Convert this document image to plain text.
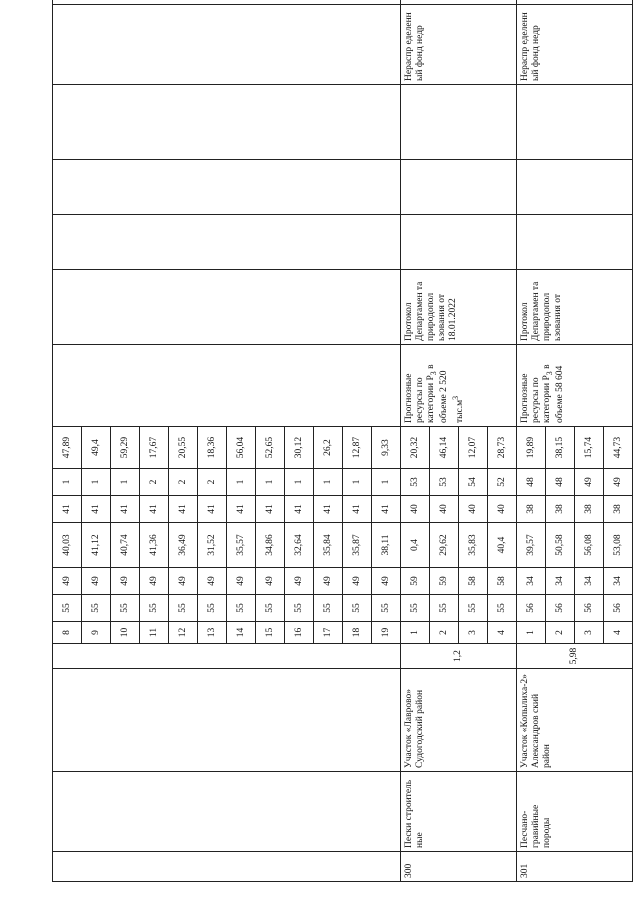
				8	55	49	40,03	41	1	47,89							
				9	55	49	41,12	41	1	49,4							
				10	55	49	40,74	41	1	59,29							
				11	55	49	41,36	41	2	17,67							
				12	55	49	36,49	41	2	20,55							
				13	55	49	31,52	41	2	18,36							
				14	55	49	35,57	41	1	56,04							
				15	55	49	34,86	41	1	52,65							
				16	55	49	32,64	41	1	30,12							
				17	55	49	35,84	41	1	26,2							
				18	55	49	35,87	41	1	12,87							
				19	55	49	38,11	41	1	9,33							
300	Пески строитель ные	Участок «Лаврово» Судогодский район	1,2	1	55	59	0,4	40	53	20,32	Прогнозные ресурсы по категории $P_3$ в объеме 2 520 $тыс.м^3$	Протокол Департамен та природопол ьзования от 18.01.2022				Нераспр еделенн ый фонд недр	
				2	55	59	29,62	40	53	46,14							
				3	55	58	35,83	40	54	12,07							
				4	55	58	40,4	40	52	28,73							
301	Песчано-гравийные породы	Участок «Копылиха-2» Александров ский район	5,98	1	56	34	39,57	38	48	19,89	Прогнозные ресурсы по категории $P_3$ в объеме 58 604	Протокол Департамен та природопол ьзования от				Нераспр еделенн ый фонд недр	
				2	56	34	50,58	38	48	38,15							
				3	56	34	56,08	38	49	15,74							
				4	56	34	53,08	38	49	44,73							
